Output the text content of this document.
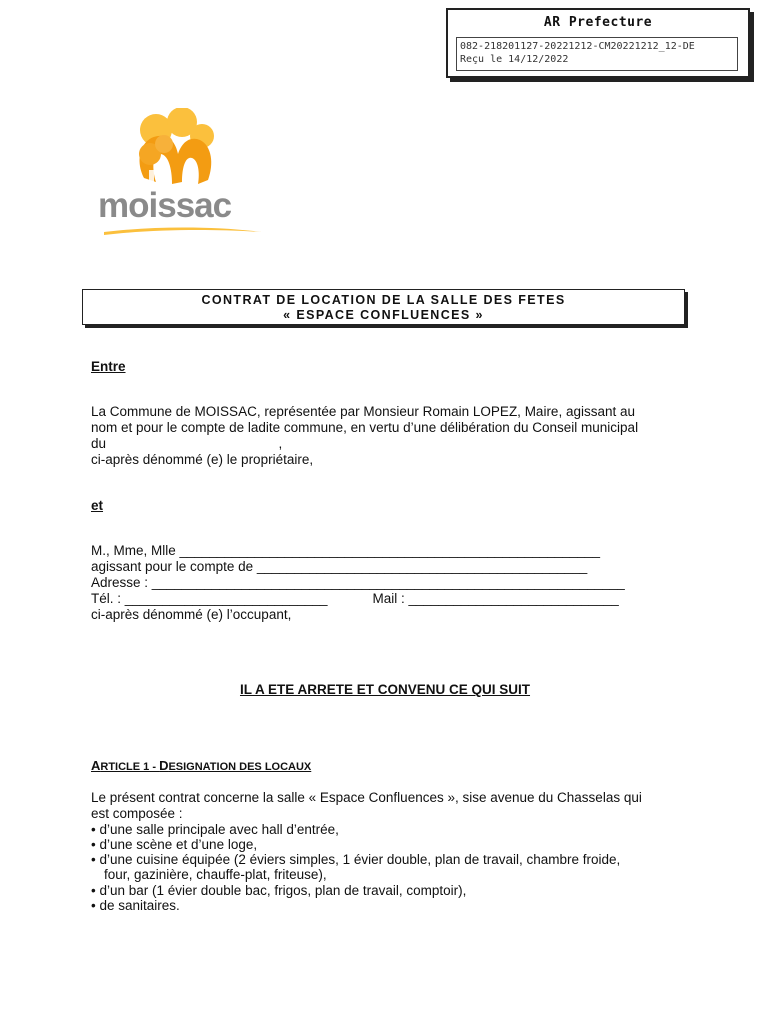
AR Prefecture
082-218201127-20221212-CM20221212_12-DE
Reçu le 14/12/2022
moissac
CONTRAT DE LOCATION DE LA SALLE DES FETES
« ESPACE CONFLUENCES »
Entre
La Commune de MOISSAC, représentée par Monsieur Romain LOPEZ, Maire, agissant au
nom et pour le compte de ladite commune, en vertu d’une délibération du Conseil municipal
du                                              ,
ci-après dénommé (e) le propriétaire,
et
M., Mme, Mlle ________________________________________________________
agissant pour le compte de ____________________________________________
Adresse : _______________________________________________________________
Tél. : ___________________________            Mail : ____________________________
ci-après dénommé (e) l’occupant,
IL A ETE ARRETE ET CONVENU CE QUI SUIT
ARTICLE 1 - DESIGNATION DES LOCAUX
Le présent contrat concerne la salle « Espace Confluences », sise avenue du Chasselas qui
est composée :
• d’une salle principale avec hall d’entrée,
• d’une scène et d’une loge,
• d’une cuisine équipée (2 éviers simples, 1 évier double, plan de travail, chambre froide,
four, gazinière, chauffe-plat, friteuse),
• d’un bar (1 évier double bac, frigos, plan de travail, comptoir),
• de sanitaires.
